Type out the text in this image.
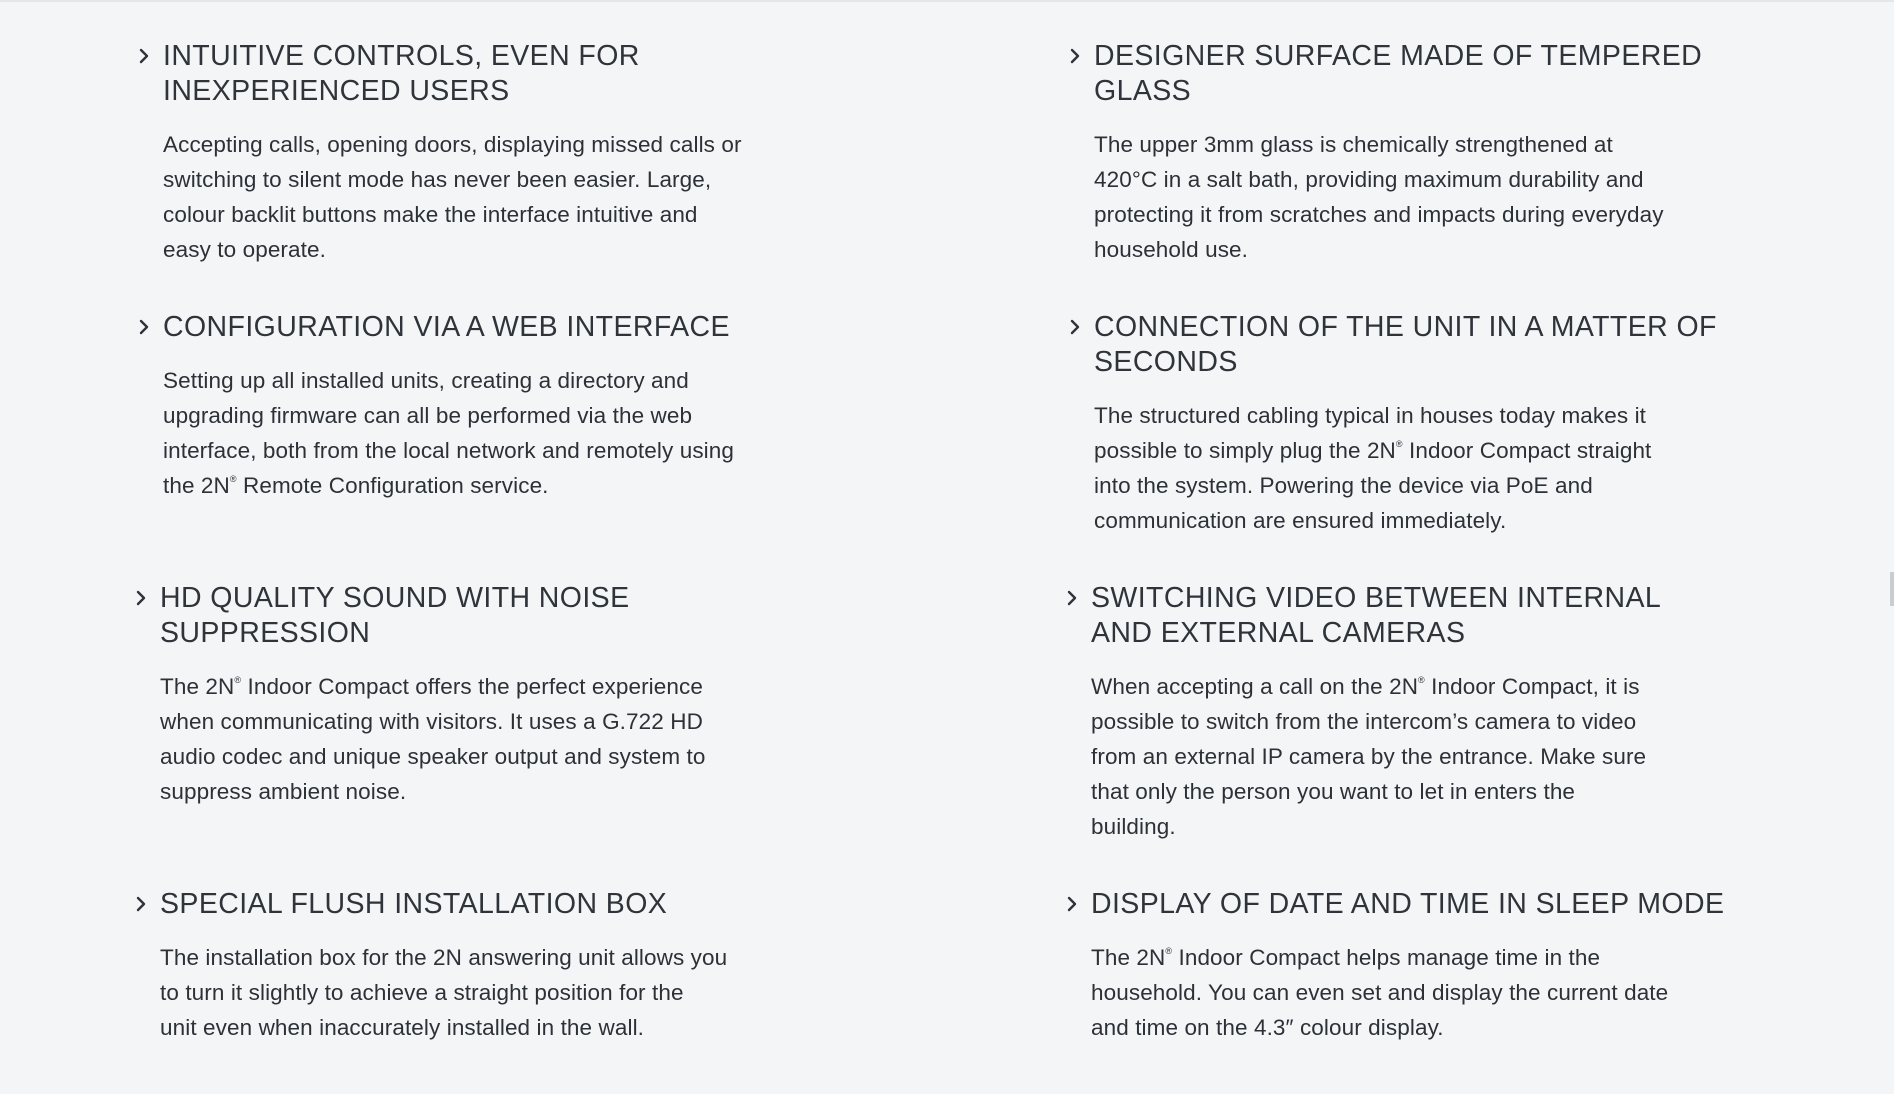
INTUITIVE CONTROLS, EVEN FOR
INEXPERIENCED USERS

Accepting calls, opening doors, displaying missed calls or

switching to silent mode has never been easier. Large,

colour backlit buttons make the interface intuitive and

easy to operate.

DESIGNER SURFACE MADE OF TEMPERED
GLASS

The upper 3mm glass is chemically strengthened at

420°C in a salt bath, providing maximum durability and

protecting it from scratches and impacts during everyday

household use.

CONFIGURATION VIA A WEB INTERFACE

Setting up all installed units, creating a directory and

upgrading firmware can all be performed via the web

interface, both from the local network and remotely using

the 2N® Remote Configuration service.

CONNECTION OF THE UNIT IN A MATTER OF
SECONDS

The structured cabling typical in houses today makes it

possible to simply plug the 2N® Indoor Compact straight

into the system. Powering the device via PoE and

communication are ensured immediately.

HD QUALITY SOUND WITH NOISE
SUPPRESSION

The 2N® Indoor Compact offers the perfect experience

when communicating with visitors. It uses a G.722 HD

audio codec and unique speaker output and system to

suppress ambient noise.

SWITCHING VIDEO BETWEEN INTERNAL
AND EXTERNAL CAMERAS

When accepting a call on the 2N® Indoor Compact, it is

possible to switch from the intercom’s camera to video

from an external IP camera by the entrance. Make sure

that only the person you want to let in enters the

building.

SPECIAL FLUSH INSTALLATION BOX

The installation box for the 2N answering unit allows you

to turn it slightly to achieve a straight position for the

unit even when inaccurately installed in the wall.

DISPLAY OF DATE AND TIME IN SLEEP MODE

The 2N® Indoor Compact helps manage time in the

household. You can even set and display the current date

and time on the 4.3″ colour display.
